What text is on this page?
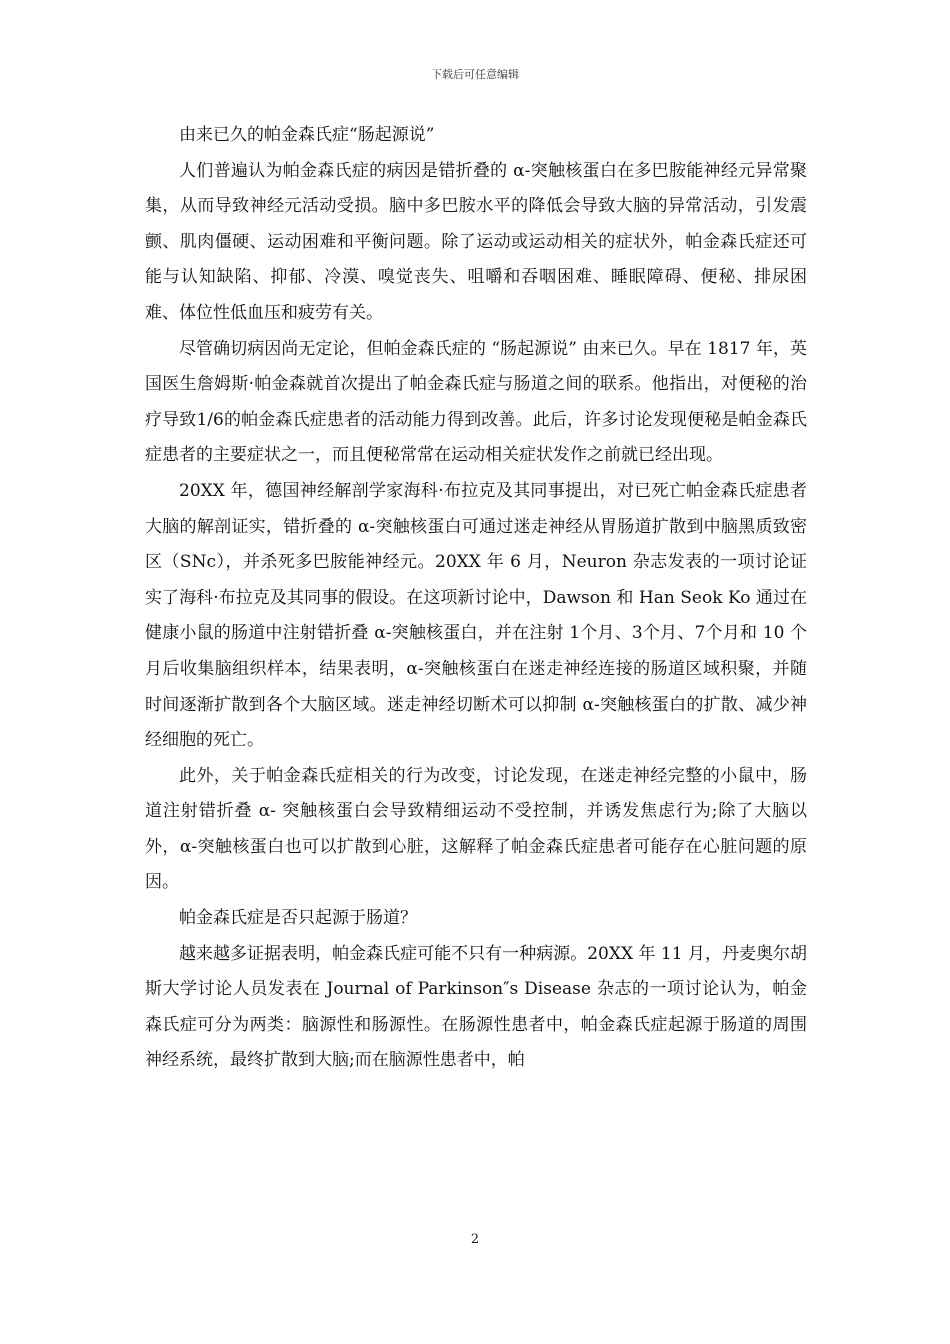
下载后可任意编辑

由来已久的帕金森氏症“肠起源说”

人们普遍认为帕金森氏症的病因是错折叠的 α-突触核蛋白在多巴胺能神经元异常聚集，从而导致神经元活动受损。脑中多巴胺水平的降低会导致大脑的异常活动，引发震颤、肌肉僵硬、运动困难和平衡问题。除了运动或运动相关的症状外，帕金森氏症还可能与认知缺陷、抑郁、冷漠、嗅觉丧失、咀嚼和吞咽困难、睡眠障碍、便秘、排尿困难、体位性低血压和疲劳有关。

尽管确切病因尚无定论，但帕金森氏症的 “肠起源说” 由来已久。早在 1817 年，英国医生詹姆斯·帕金森就首次提出了帕金森氏症与肠道之间的联系。他指出，对便秘的治疗导致1/6的帕金森氏症患者的活动能力得到改善。此后，许多讨论发现便秘是帕金森氏症患者的主要症状之一，而且便秘常常在运动相关症状发作之前就已经出现。

20XX 年，德国神经解剖学家海科·布拉克及其同事提出，对已死亡帕金森氏症患者大脑的解剖证实，错折叠的 α-突触核蛋白可通过迷走神经从胃肠道扩散到中脑黑质致密区（SNc），并杀死多巴胺能神经元。20XX 年 6 月，Neuron 杂志发表的一项讨论证实了海科·布拉克及其同事的假设。在这项新讨论中，Dawson 和 Han Seok Ko 通过在健康小鼠的肠道中注射错折叠 α-突触核蛋白，并在注射 1个月、3个月、7个月和 10 个月后收集脑组织样本，结果表明，α-突触核蛋白在迷走神经连接的肠道区域积聚，并随时间逐渐扩散到各个大脑区域。迷走神经切断术可以抑制 α-突触核蛋白的扩散、减少神经细胞的死亡。

此外，关于帕金森氏症相关的行为改变，讨论发现，在迷走神经完整的小鼠中，肠道注射错折叠 α- 突触核蛋白会导致精细运动不受控制，并诱发焦虑行为;除了大脑以外，α-突触核蛋白也可以扩散到心脏，这解释了帕金森氏症患者可能存在心脏问题的原因。

帕金森氏症是否只起源于肠道？

越来越多证据表明，帕金森氏症可能不只有一种病源。20XX 年 11 月，丹麦奥尔胡斯大学讨论人员发表在 Journal of Parkinson″s Disease 杂志的一项讨论认为，帕金森氏症可分为两类：脑源性和肠源性。在肠源性患者中，帕金森氏症起源于肠道的周围神经系统，最终扩散到大脑;而在脑源性患者中，帕

2
